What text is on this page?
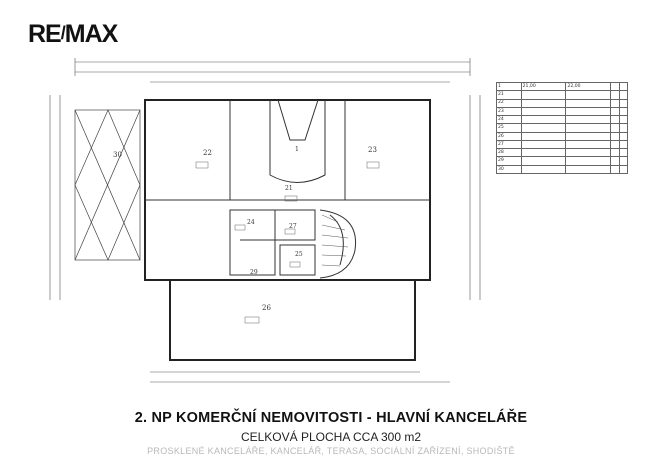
RE/MAX
30	22	23
1
21
24
27
25
29
26
1	21,00	22,00		
21				
22				
23				
24				
25				
26				
27				
28				
29				
30				
2. NP KOMERČNÍ NEMOVITOSTI - HLAVNÍ KANCELÁŘE
CELKOVÁ PLOCHA CCA 300 m2
PROSKLENÉ KANCELÁŘE, KANCELÁŘ, TERASA, SOCIÁLNÍ ZAŘÍZENÍ, SHODIŠTĚ
